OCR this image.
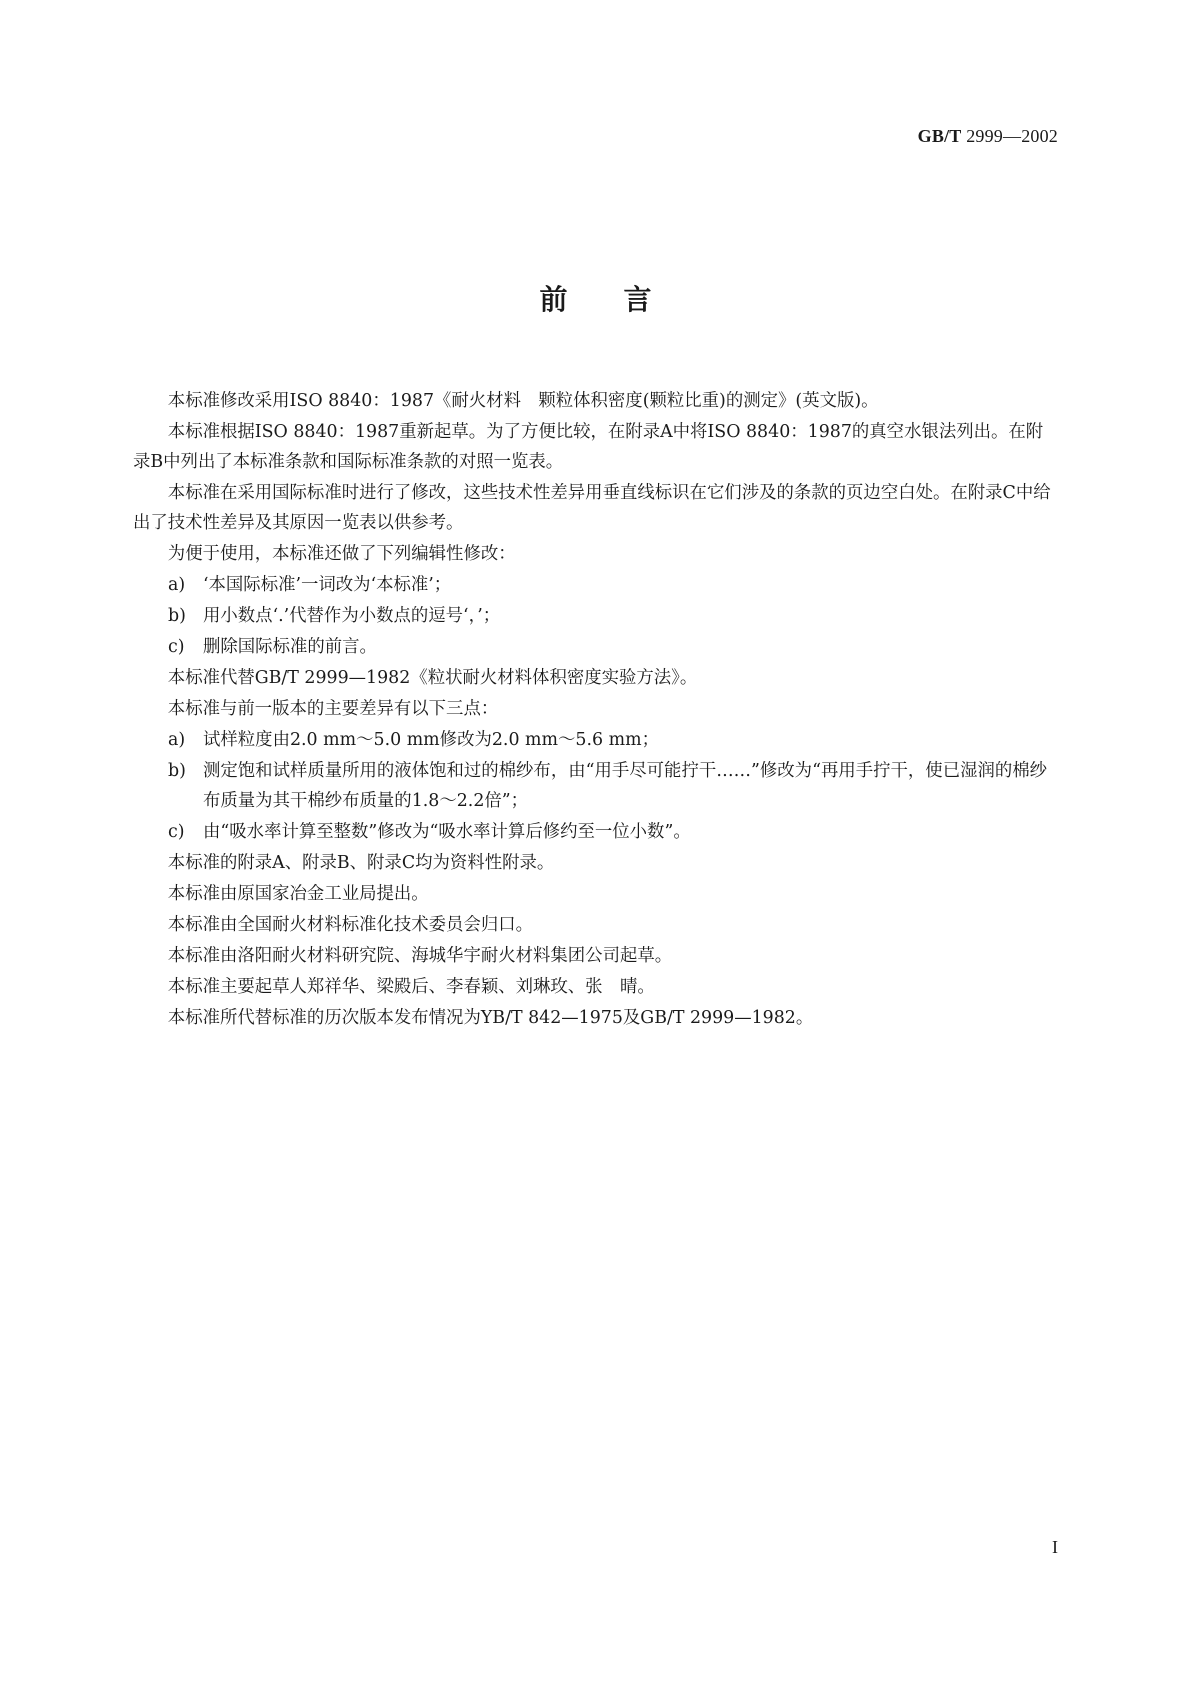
GB/T 2999—2002
前言

本标准修改采用ISO 8840：1987《耐火材料　颗粒体积密度(颗粒比重)的测定》(英文版)。

本标准根据ISO 8840：1987重新起草。为了方便比较，在附录A中将ISO 8840：1987的真空水银法列出。在附录B中列出了本标准条款和国际标准条款的对照一览表。

本标准在采用国际标准时进行了修改，这些技术性差异用垂直线标识在它们涉及的条款的页边空白处。在附录C中给出了技术性差异及其原因一览表以供参考。

为便于使用，本标准还做了下列编辑性修改：

a) ‘本国际标准’一词改为‘本标准’；

b) 用小数点‘.’代替作为小数点的逗号‘，’；

c) 删除国际标准的前言。

本标准代替GB/T 2999—1982《粒状耐火材料体积密度实验方法》。

本标准与前一版本的主要差异有以下三点：

a) 试样粒度由2.0 mm～5.0 mm修改为2.0 mm～5.6 mm；

b) 测定饱和试样质量所用的液体饱和过的棉纱布，由“用手尽可能拧干……”修改为“再用手拧干，使已湿润的棉纱布质量为其干棉纱布质量的1.8～2.2倍”；

c) 由“吸水率计算至整数”修改为“吸水率计算后修约至一位小数”。

本标准的附录A、附录B、附录C均为资料性附录。

本标准由原国家冶金工业局提出。

本标准由全国耐火材料标准化技术委员会归口。

本标准由洛阳耐火材料研究院、海城华宇耐火材料集团公司起草。

本标准主要起草人郑祥华、梁殿后、李春颖、刘琳玫、张　晴。

本标准所代替标准的历次版本发布情况为YB/T 842—1975及GB/T 2999—1982。

I
